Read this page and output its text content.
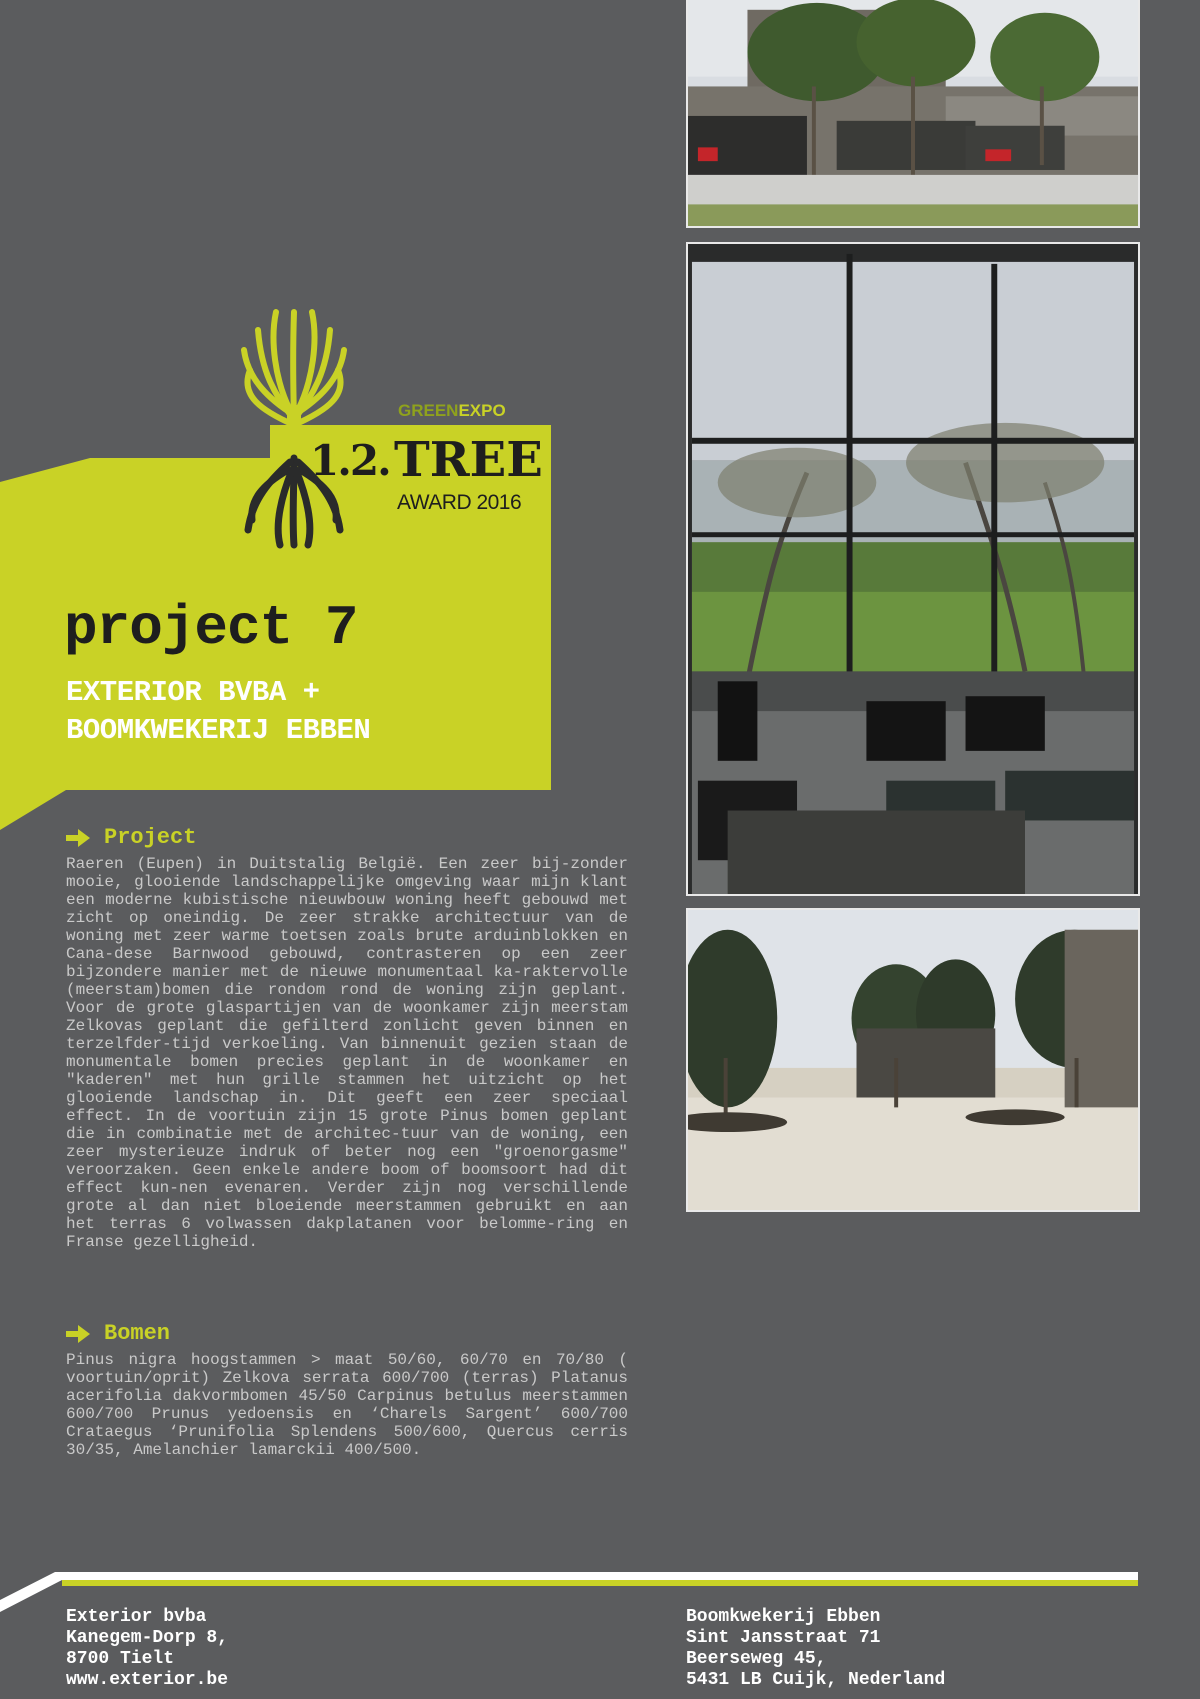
GREENEXPO
1.2. TREE
AWARD 2016
project 7
EXTERIOR BVBA +
BOOMKWEKERIJ EBBEN
Project
Raeren (Eupen) in Duitstalig België. Een zeer bij-zonder mooie, glooiende landschappelijke omgeving waar mijn klant een moderne kubistische nieuwbouw woning heeft gebouwd met zicht op oneindig. De zeer strakke architectuur van de woning met zeer warme toetsen zoals brute arduinblokken en Cana-dese Barnwood gebouwd, contrasteren op een zeer bijzondere manier met de nieuwe monumentaal ka-raktervolle (meerstam)bomen die rondom rond de woning zijn geplant. Voor de grote glaspartijen van de woonkamer zijn meerstam Zelkovas geplant die gefilterd zonlicht geven binnen en terzelfder-tijd verkoeling. Van binnenuit gezien staan de monumentale bomen precies geplant in de woonkamer en "kaderen" met hun grille stammen het uitzicht op het glooiende landschap in. Dit geeft een zeer speciaal effect. In de voortuin zijn 15 grote Pinus bomen geplant die in combinatie met de architec-tuur van de woning, een zeer mysterieuze indruk of beter nog een "groenorgasme" veroorzaken. Geen enkele andere boom of boomsoort had dit effect kun-nen evenaren. Verder zijn nog verschillende grote al dan niet bloeiende meerstammen gebruikt en aan het terras 6 volwassen dakplatanen voor belomme-ring en Franse gezelligheid.
Bomen
Pinus nigra hoogstammen > maat 50/60, 60/70 en 70/80 ( voortuin/oprit) Zelkova serrata 600/700 (terras) Platanus acerifolia dakvormbomen 45/50 Carpinus betulus meerstammen 600/700 Prunus yedoensis en ‘Charels Sargent’ 600/700 Crataegus ‘Prunifolia Splendens 500/600, Quercus cerris 30/35, Amelanchier lamarckii 400/500.
Exterior bvba
Kanegem-Dorp 8,
8700 Tielt
www.exterior.be
Boomkwekerij Ebben
Sint Jansstraat 71
Beerseweg 45,
5431 LB Cuijk, Nederland
